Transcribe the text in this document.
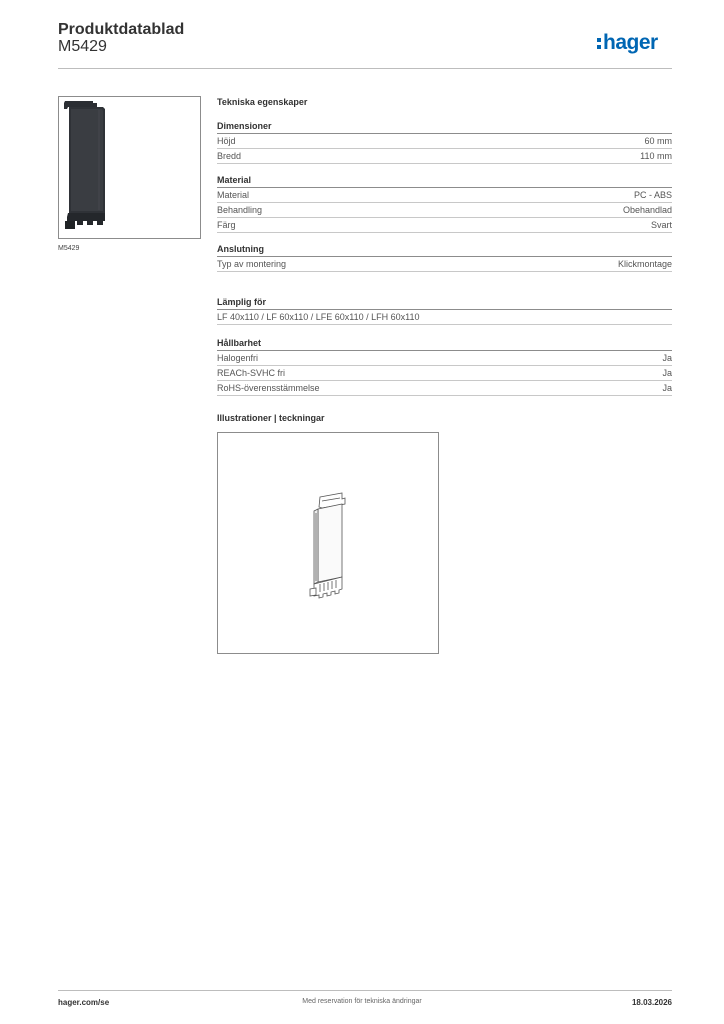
Produktdatablad
M5429	hager
M5429
Tekniska egenskaper
Dimensioner
Höjd	60 mm
Bredd	110 mm
Material
Material	PC - ABS
Behandling	Obehandlad
Färg	Svart
Anslutning
Typ av montering	Klickmontage
Lämplig för
LF 40x110 / LF 60x110 / LFE 60x110 / LFH 60x110
Hållbarhet
Halogenfri	Ja
REACh-SVHC fri	Ja
RoHS-överensstämmelse	Ja
Illustrationer | teckningar
hager.com/se	Med reservation för tekniska ändringar	18.03.2026
